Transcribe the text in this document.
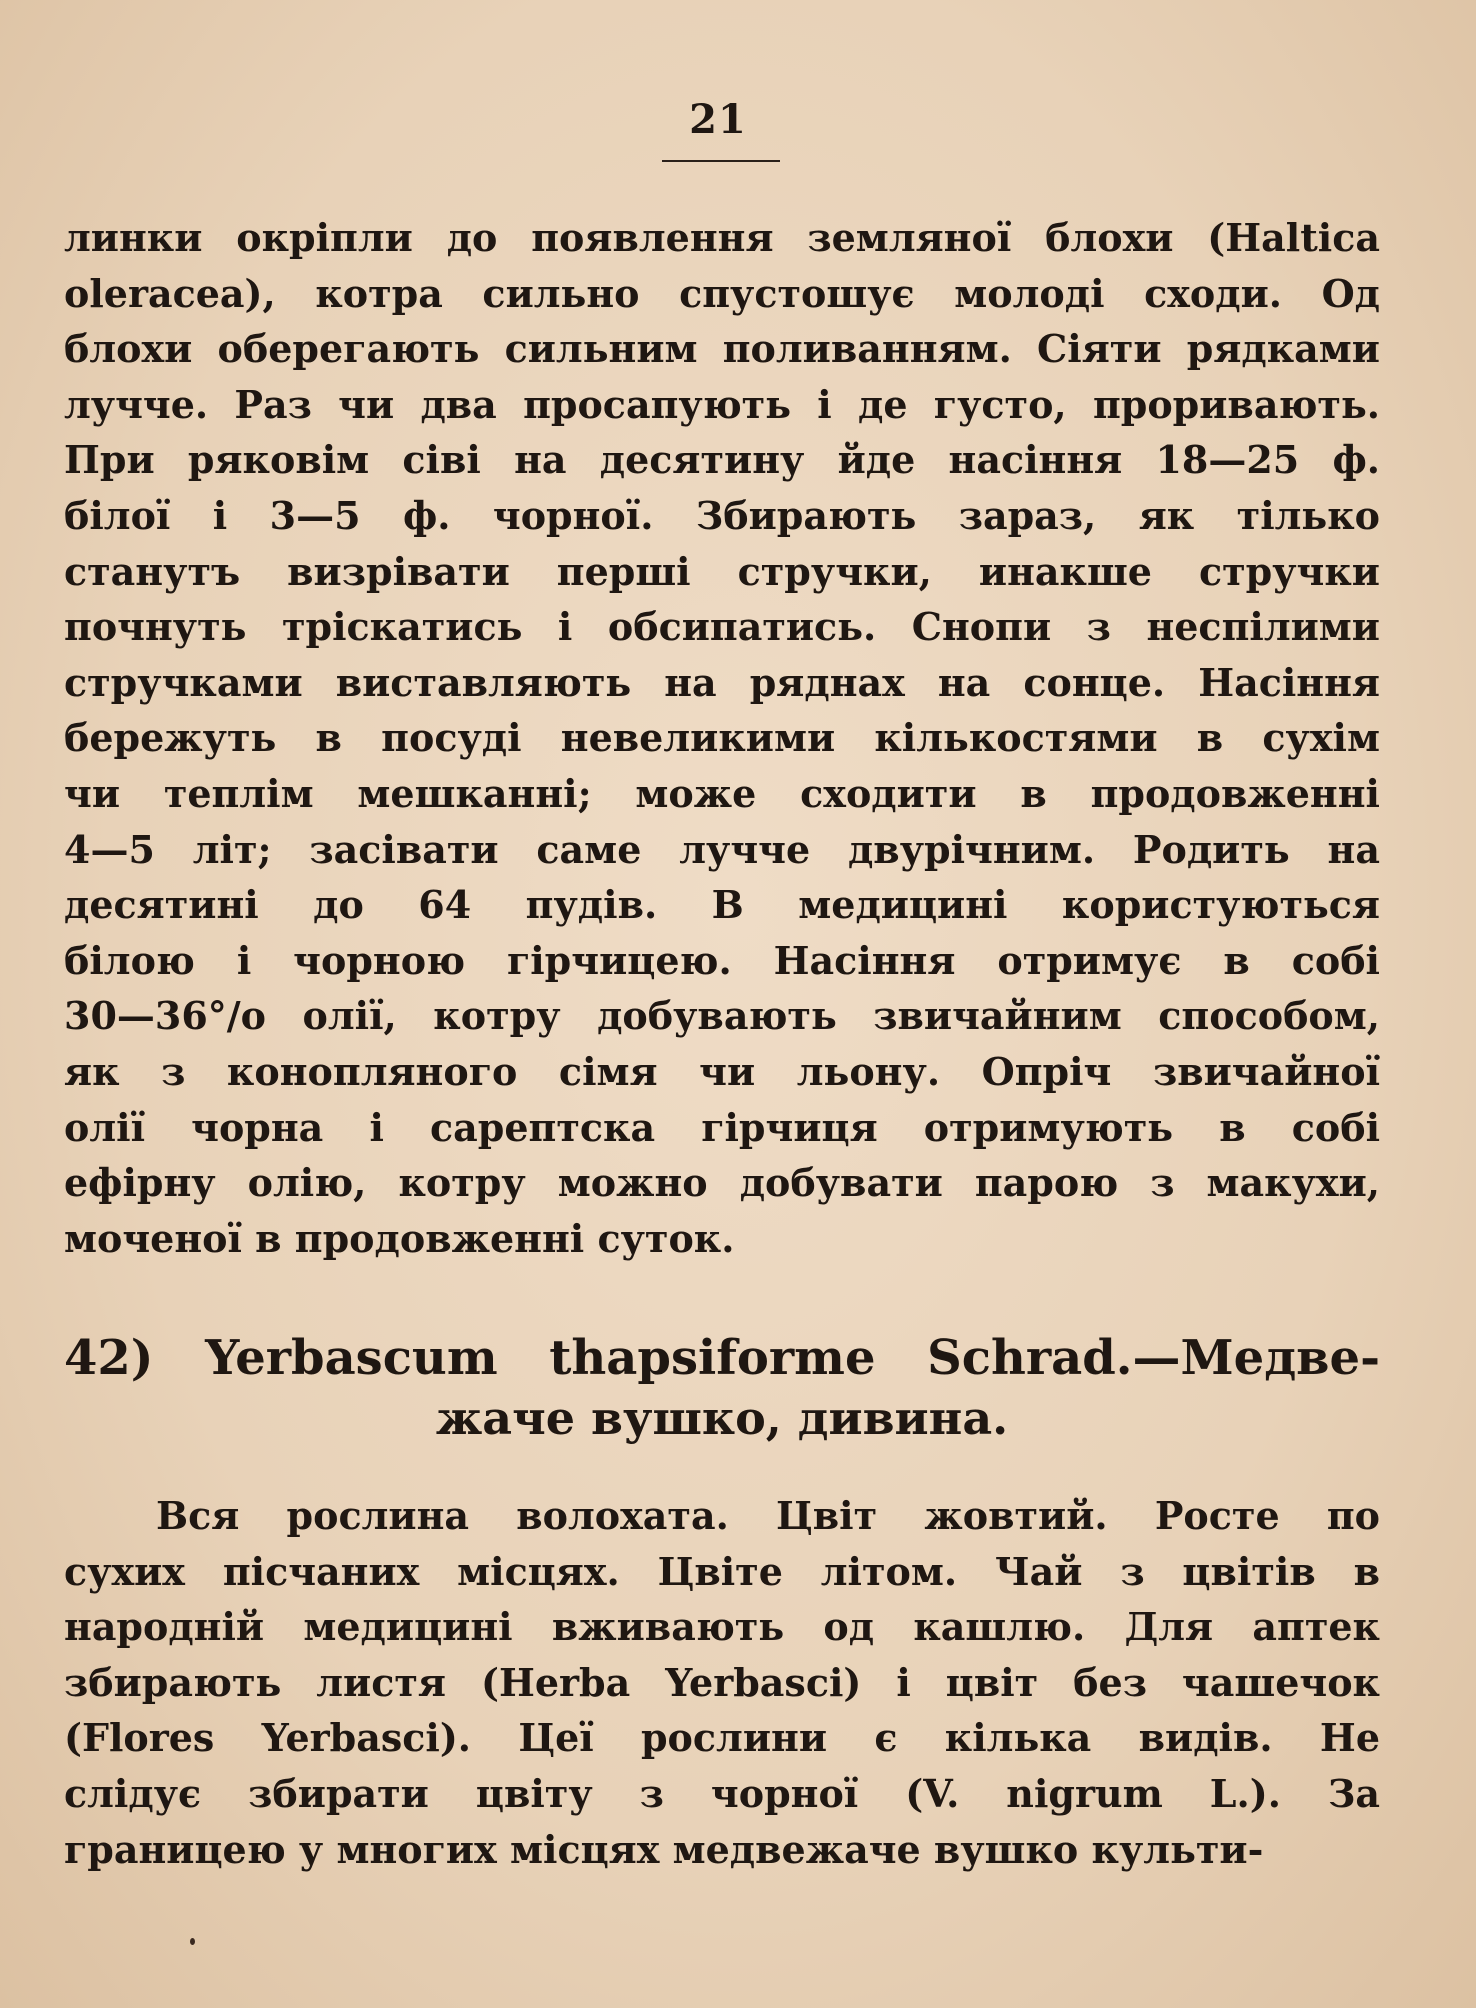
21
линки окріпли до появлення земляної блохи (Haltica
oleracea), котра сильно спустошує молоді сходи. Од
блохи оберегають сильним поливанням. Сіяти рядками
лучче. Раз чи два просапують і де густо, проривають.
При ряковім сіві на десятину йде насіння 18—25 ф.
білої і 3—5 ф. чорної. Збирають зараз, як тілько
станутъ визрівати перші стручки, инакше стручки
почнуть тріскатись і обсипатись. Снопи з неспілими
стручками виставляють на ряднах на сонце. Насіння
бережуть в посуді невеликими кількостями в сухім
чи теплім мешканні; може сходити в продовженні
4—5 літ; засівати саме лучче двурічним. Родить на
десятині до 64 пудів. В медицині користуються
білою і чорною гірчицею. Насіння отримує в собі
30—36°/o олії, котру добувають звичайним способом,
як з конопляного сімя чи льону. Опріч звичайної
олії чорна і сарептска гірчиця отримують в собі
ефірну олію, котру можно добувати парою з макухи,
моченої в продовженні суток.
42) Yerbascum thapsiforme Schrad.—Медве-
жаче вушко, дивина.
Вся рослина волохата. Цвіт жовтий. Росте по
сухих пісчаних місцях. Цвіте літом. Чай з цвітів в
народній медицині вживають од кашлю. Для аптек
збирають листя (Herba Yerbasci) і цвіт без чашечок
(Flores Yerbasci). Цеї рослини є кілька видів. Не
слідує збирати цвіту з чорної (V. nigrum L.). За
границею у многих місцях медвежаче вушко культи-
